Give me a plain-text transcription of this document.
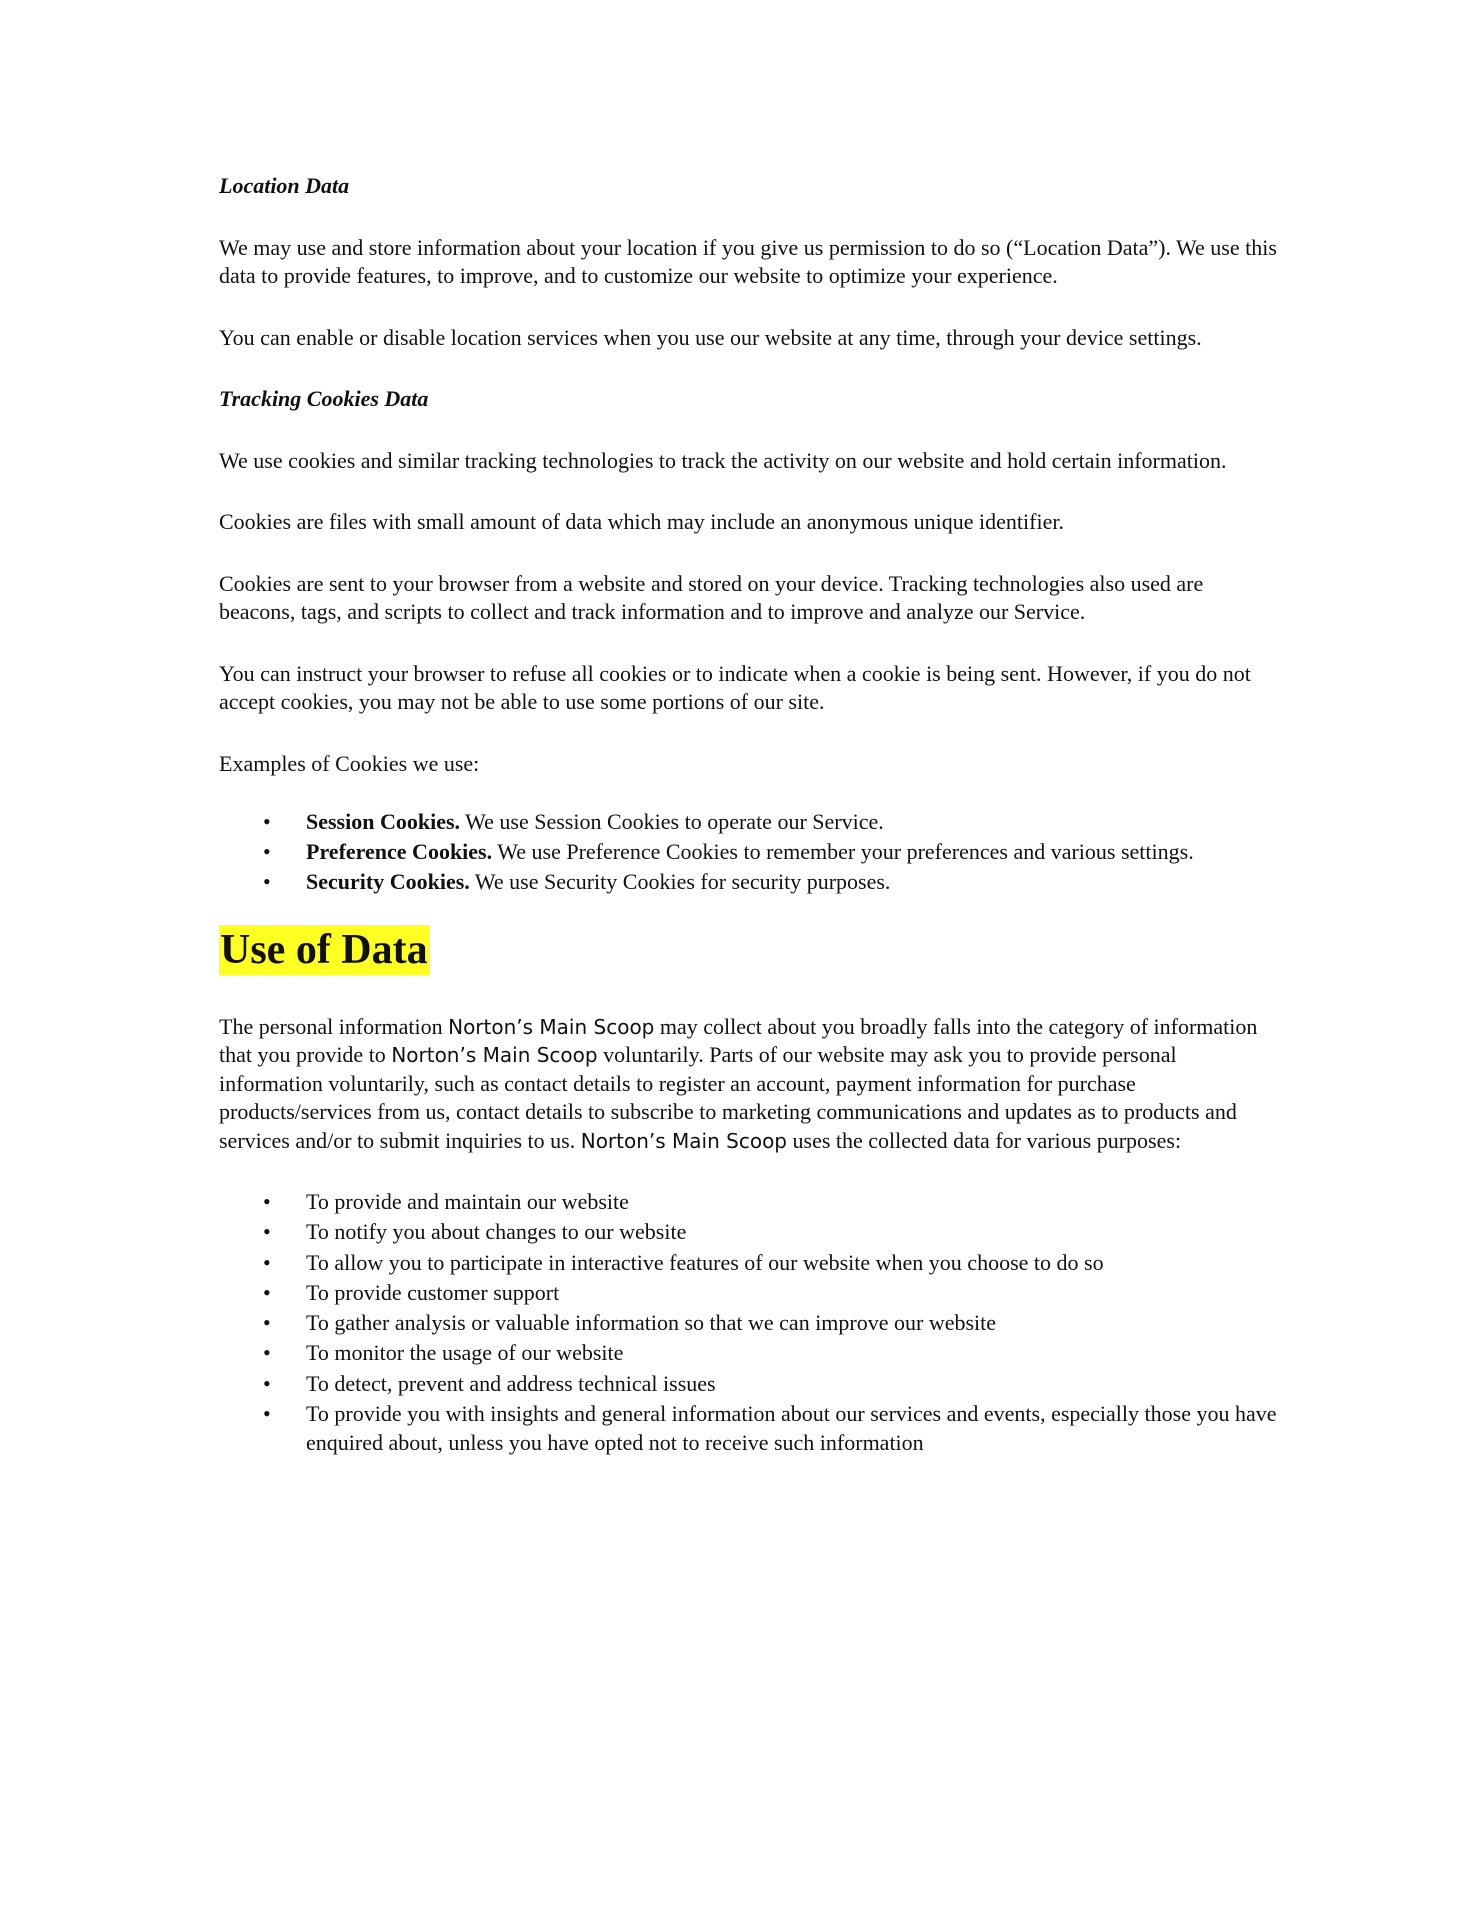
Location Data

We may use and store information about your location if you give us permission to do so (“Location Data”). We use this data to provide features, to improve, and to customize our website to optimize your experience.

You can enable or disable location services when you use our website at any time, through your device settings.

Tracking Cookies Data

We use cookies and similar tracking technologies to track the activity on our website and hold certain information.

Cookies are files with small amount of data which may include an anonymous unique identifier.

Cookies are sent to your browser from a website and stored on your device. Tracking technologies also used are beacons, tags, and scripts to collect and track information and to improve and analyze our Service.

You can instruct your browser to refuse all cookies or to indicate when a cookie is being sent. However, if you do not accept cookies, you may not be able to use some portions of our site.

Examples of Cookies we use:

• Session Cookies. We use Session Cookies to operate our Service.
• Preference Cookies. We use Preference Cookies to remember your preferences and various settings.
• Security Cookies. We use Security Cookies for security purposes.
Use of Data

The personal information Norton’s Main Scoop may collect about you broadly falls into the category of information that you provide to Norton’s Main Scoop voluntarily. Parts of our website may ask you to provide personal information voluntarily, such as contact details to register an account, payment information for purchase products/services from us, contact details to subscribe to marketing communications and updates as to products and services and/or to submit inquiries to us. Norton’s Main Scoop uses the collected data for various purposes:

• To provide and maintain our website
• To notify you about changes to our website
• To allow you to participate in interactive features of our website when you choose to do so
• To provide customer support
• To gather analysis or valuable information so that we can improve our website
• To monitor the usage of our website
• To detect, prevent and address technical issues
• To provide you with insights and general information about our services and events, especially those you have enquired about, unless you have opted not to receive such information
